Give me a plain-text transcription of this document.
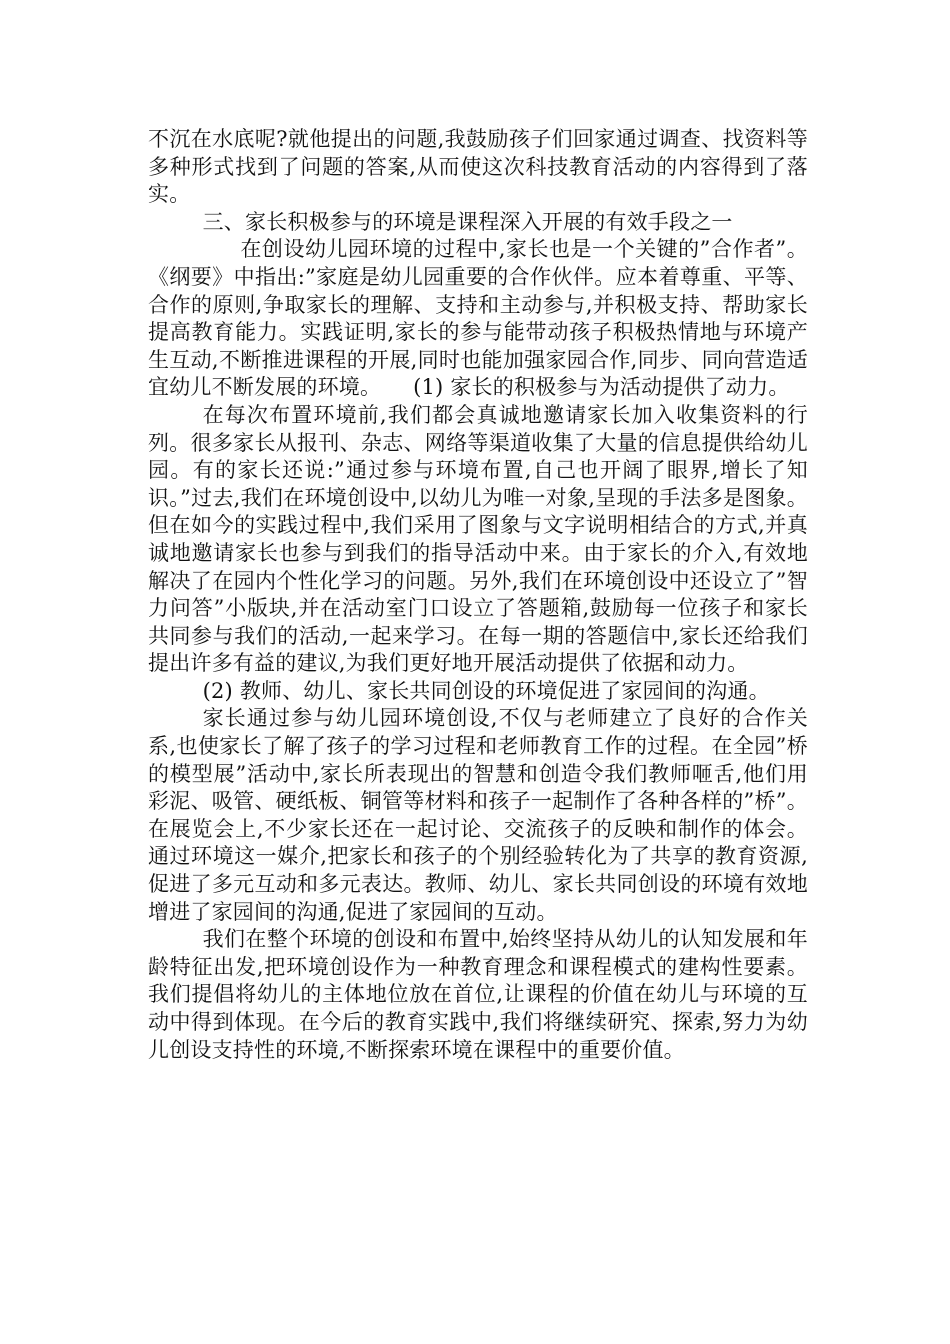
不沉在水底呢?就他提出的问题,我鼓励孩子们回家通过调查、找资料等多种形式找到了问题的答案,从而使这次科技教育活动的内容得到了落实。

三、家长积极参与的环境是课程深入开展的有效手段之一

在创设幼儿园环境的过程中,家长也是一个关键的”合作者”。《纲要》中指出:”家庭是幼儿园重要的合作伙伴。应本着尊重、平等、合作的原则,争取家长的理解、支持和主动参与,并积极支持、帮助家长提高教育能力。实践证明,家长的参与能带动孩子积极热情地与环境产生互动,不断推进课程的开展,同时也能加强家园合作,同步、同向营造适宜幼儿不断发展的环境。　　(1) 家长的积极参与为活动提供了动力。

在每次布置环境前,我们都会真诚地邀请家长加入收集资料的行列。很多家长从报刊、杂志、网络等渠道收集了大量的信息提供给幼儿园。有的家长还说:”通过参与环境布置,自己也开阔了眼界,增长了知识。”过去,我们在环境创设中,以幼儿为唯一对象,呈现的手法多是图象。但在如今的实践过程中,我们采用了图象与文字说明相结合的方式,并真诚地邀请家长也参与到我们的指导活动中来。由于家长的介入,有效地解决了在园内个性化学习的问题。另外,我们在环境创设中还设立了”智力问答”小版块,并在活动室门口设立了答题箱,鼓励每一位孩子和家长共同参与我们的活动,一起来学习。在每一期的答题信中,家长还给我们提出许多有益的建议,为我们更好地开展活动提供了依据和动力。

(2) 教师、幼儿、家长共同创设的环境促进了家园间的沟通。

家长通过参与幼儿园环境创设,不仅与老师建立了良好的合作关系,也使家长了解了孩子的学习过程和老师教育工作的过程。在全园”桥的模型展”活动中,家长所表现出的智慧和创造令我们教师咂舌,他们用彩泥、吸管、硬纸板、铜管等材料和孩子一起制作了各种各样的”桥”。在展览会上,不少家长还在一起讨论、交流孩子的反映和制作的体会。通过环境这一媒介,把家长和孩子的个别经验转化为了共享的教育资源,促进了多元互动和多元表达。教师、幼儿、家长共同创设的环境有效地增进了家园间的沟通,促进了家园间的互动。

我们在整个环境的创设和布置中,始终坚持从幼儿的认知发展和年龄特征出发,把环境创设作为一种教育理念和课程模式的建构性要素。我们提倡将幼儿的主体地位放在首位,让课程的价值在幼儿与环境的互动中得到体现。在今后的教育实践中,我们将继续研究、探索,努力为幼儿创设支持性的环境,不断探索环境在课程中的重要价值。
